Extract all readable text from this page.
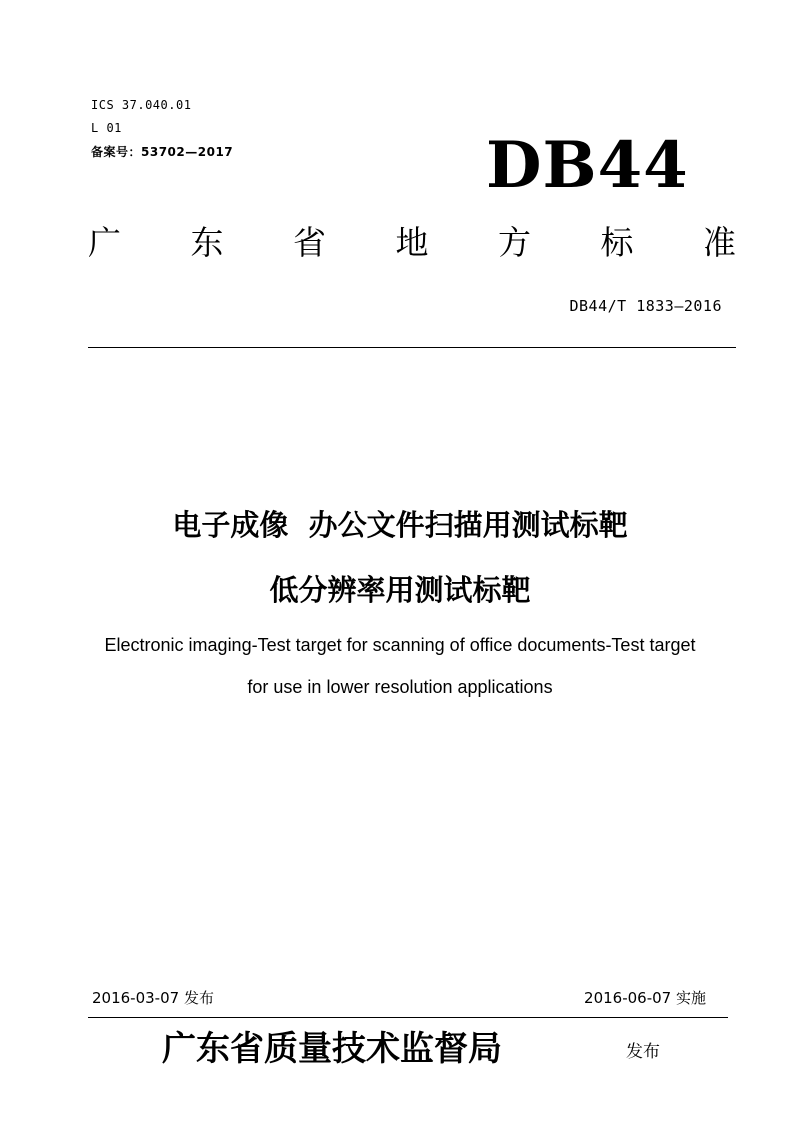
ICS 37.040.01
L 01
备案号：53702—2017	DB44
广 东 省 地 方 标 准
DB44/T 1833—2016
电子成像  办公文件扫描用测试标靶
低分辨率用测试标靶
Electronic imaging-Test target for scanning of office documents-Test target
for use in lower resolution applications
2016-03-07 发布	2016-06-07 实施
广东省质量技术监督局	发布
